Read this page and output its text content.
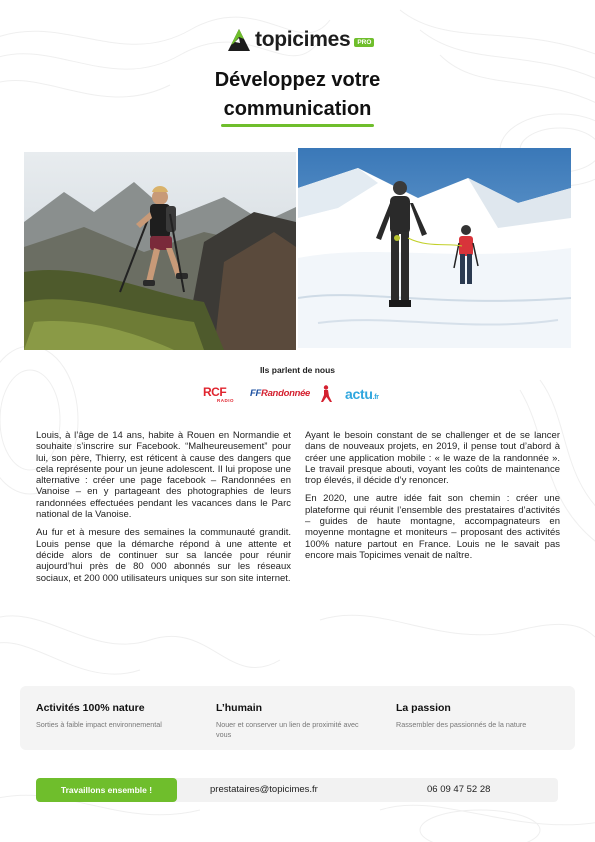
topicimes	PRO
Développez votre
communication
Ils parlent de nous
RCF
RADIO
FFRandonnée actu.fr

Louis, à l’âge de 14 ans, habite à Rouen en Normandie et souhaite s’inscrire sur Facebook. “Malheureusement” pour lui, son père, Thierry, est réticent à cause des dangers que cela représente pour un jeune adolescent. Il lui propose une alternative : créer une page facebook – Randonnées en Vanoise – en y partageant des photographies de leurs randonnées effectuées pendant les vacances dans le Parc national de la Vanoise.

Au fur et à mesure des semaines la communauté grandit. Louis pense que la démarche répond à une attente et décide alors de continuer sur sa lancée pour réunir aujourd’hui près de 80 000 abonnés sur les réseaux sociaux, et 200 000 utilisateurs uniques sur son site internet.

Ayant le besoin constant de se challenger et de se lancer dans de nouveaux projets, en 2019, il pense tout d’abord à créer une application mobile : « le waze de la randonnée ». Le travail presque abouti, voyant les coûts de maintenance trop élevés, il décide d’y renoncer.

En 2020, une autre idée fait son chemin : créer une plateforme qui réunit l’ensemble des prestataires d’activités – guides de haute montagne, accompagnateurs en moyenne montagne et moniteurs – proposant des activités 100% nature partout en France. Louis ne le savait pas encore mais Topicimes venait de naître.

Activités 100% nature

Sorties à faible impact environnemental

L’humain

Nouer et conserver un lien de proximité avec vous

La passion

Rassembler des passionnés de la nature

Travaillons ensemble !	prestataires@topicimes.fr	06 09 47 52 28
